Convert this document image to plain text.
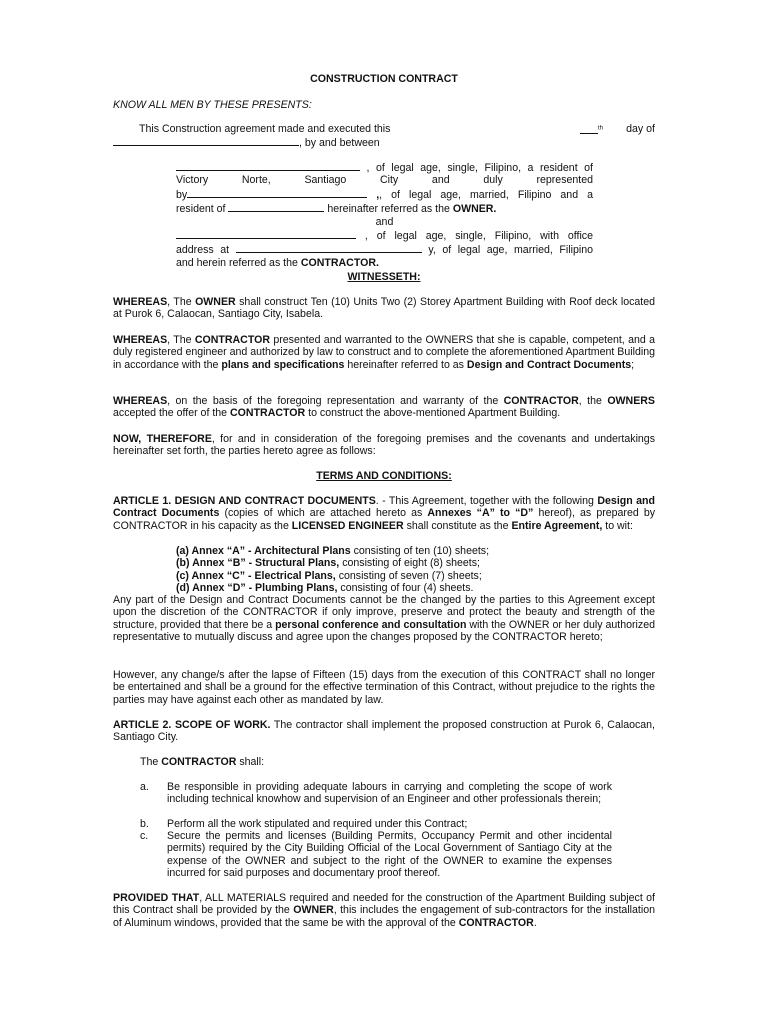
CONSTRUCTION CONTRACT

KNOW ALL MEN BY THESE PRESENTS:

This Construction agreement made and executed this	$^{th}$ day of
, by and between
, of legal age, single, Filipino, a resident of
Victory Norte, Santiago City and duly represented
by	,, of legal age, married, Filipino and a
resident of	hereinafter referred as the OWNER.
and
, of legal age, single, Filipino, with office
address at	y, of legal age, married, Filipino
and herein referred as the CONTRACTOR.

WITNESSETH:

WHEREAS, The OWNER shall construct Ten (10) Units Two (2) Storey Apartment Building with Roof deck located at Purok 6, Calaocan, Santiago City, Isabela.

WHEREAS, The CONTRACTOR presented and warranted to the OWNERS that she is capable, competent, and a duly registered engineer and authorized by law to construct and to complete the aforementioned Apartment Building in accordance with the plans and specifications hereinafter referred to as Design and Contract Documents;

WHEREAS, on the basis of the foregoing representation and warranty of the CONTRACTOR, the OWNERS accepted the offer of the CONTRACTOR to construct the above-mentioned Apartment Building.

NOW, THEREFORE, for and in consideration of the foregoing premises and the covenants and undertakings hereinafter set forth, the parties hereto agree as follows:

TERMS AND CONDITIONS:

ARTICLE 1. DESIGN AND CONTRACT DOCUMENTS. - This Agreement, together with the following Design and Contract Documents (copies of which are attached hereto as Annexes “A” to “D” hereof), as prepared by CONTRACTOR in his capacity as the LICENSED ENGINEER shall constitute as the Entire Agreement, to wit:

(a) Annex “A” - Architectural Plans consisting of ten (10) sheets;

(b) Annex “B” - Structural Plans, consisting of eight (8) sheets;

(c) Annex “C” - Electrical Plans, consisting of seven (7) sheets;

(d) Annex “D” - Plumbing Plans, consisting of four (4) sheets.

Any part of the Design and Contract Documents cannot be the changed by the parties to this Agreement except upon the discretion of the CONTRACTOR if only improve, preserve and protect the beauty and strength of the structure, provided that there be a personal conference and consultation with the OWNER or her duly authorized representative to mutually discuss and agree upon the changes proposed by the CONTRACTOR hereto;

However, any change/s after the lapse of Fifteen (15) days from the execution of this CONTRACT shall no longer be entertained and shall be a ground for the effective termination of this Contract, without prejudice to the rights the parties may have against each other as mandated by law.

ARTICLE 2. SCOPE OF WORK. The contractor shall implement the proposed construction at Purok 6, Calaocan, Santiago City.

The CONTRACTOR shall:

a. Be responsible in providing adequate labours in carrying and completing the scope of work including technical knowhow and supervision of an Engineer and other professionals therein;
b. Perform all the work stipulated and required under this Contract;
c. Secure the permits and licenses (Building Permits, Occupancy Permit and other incidental permits) required by the City Building Official of the Local Government of Santiago City at the expense of the OWNER and subject to the right of the OWNER to examine the expenses incurred for said purposes and documentary proof thereof.

PROVIDED THAT, ALL MATERIALS required and needed for the construction of the Apartment Building subject of this Contract shall be provided by the OWNER, this includes the engagement of sub-contractors for the installation of Aluminum windows, provided that the same be with the approval of the CONTRACTOR.
